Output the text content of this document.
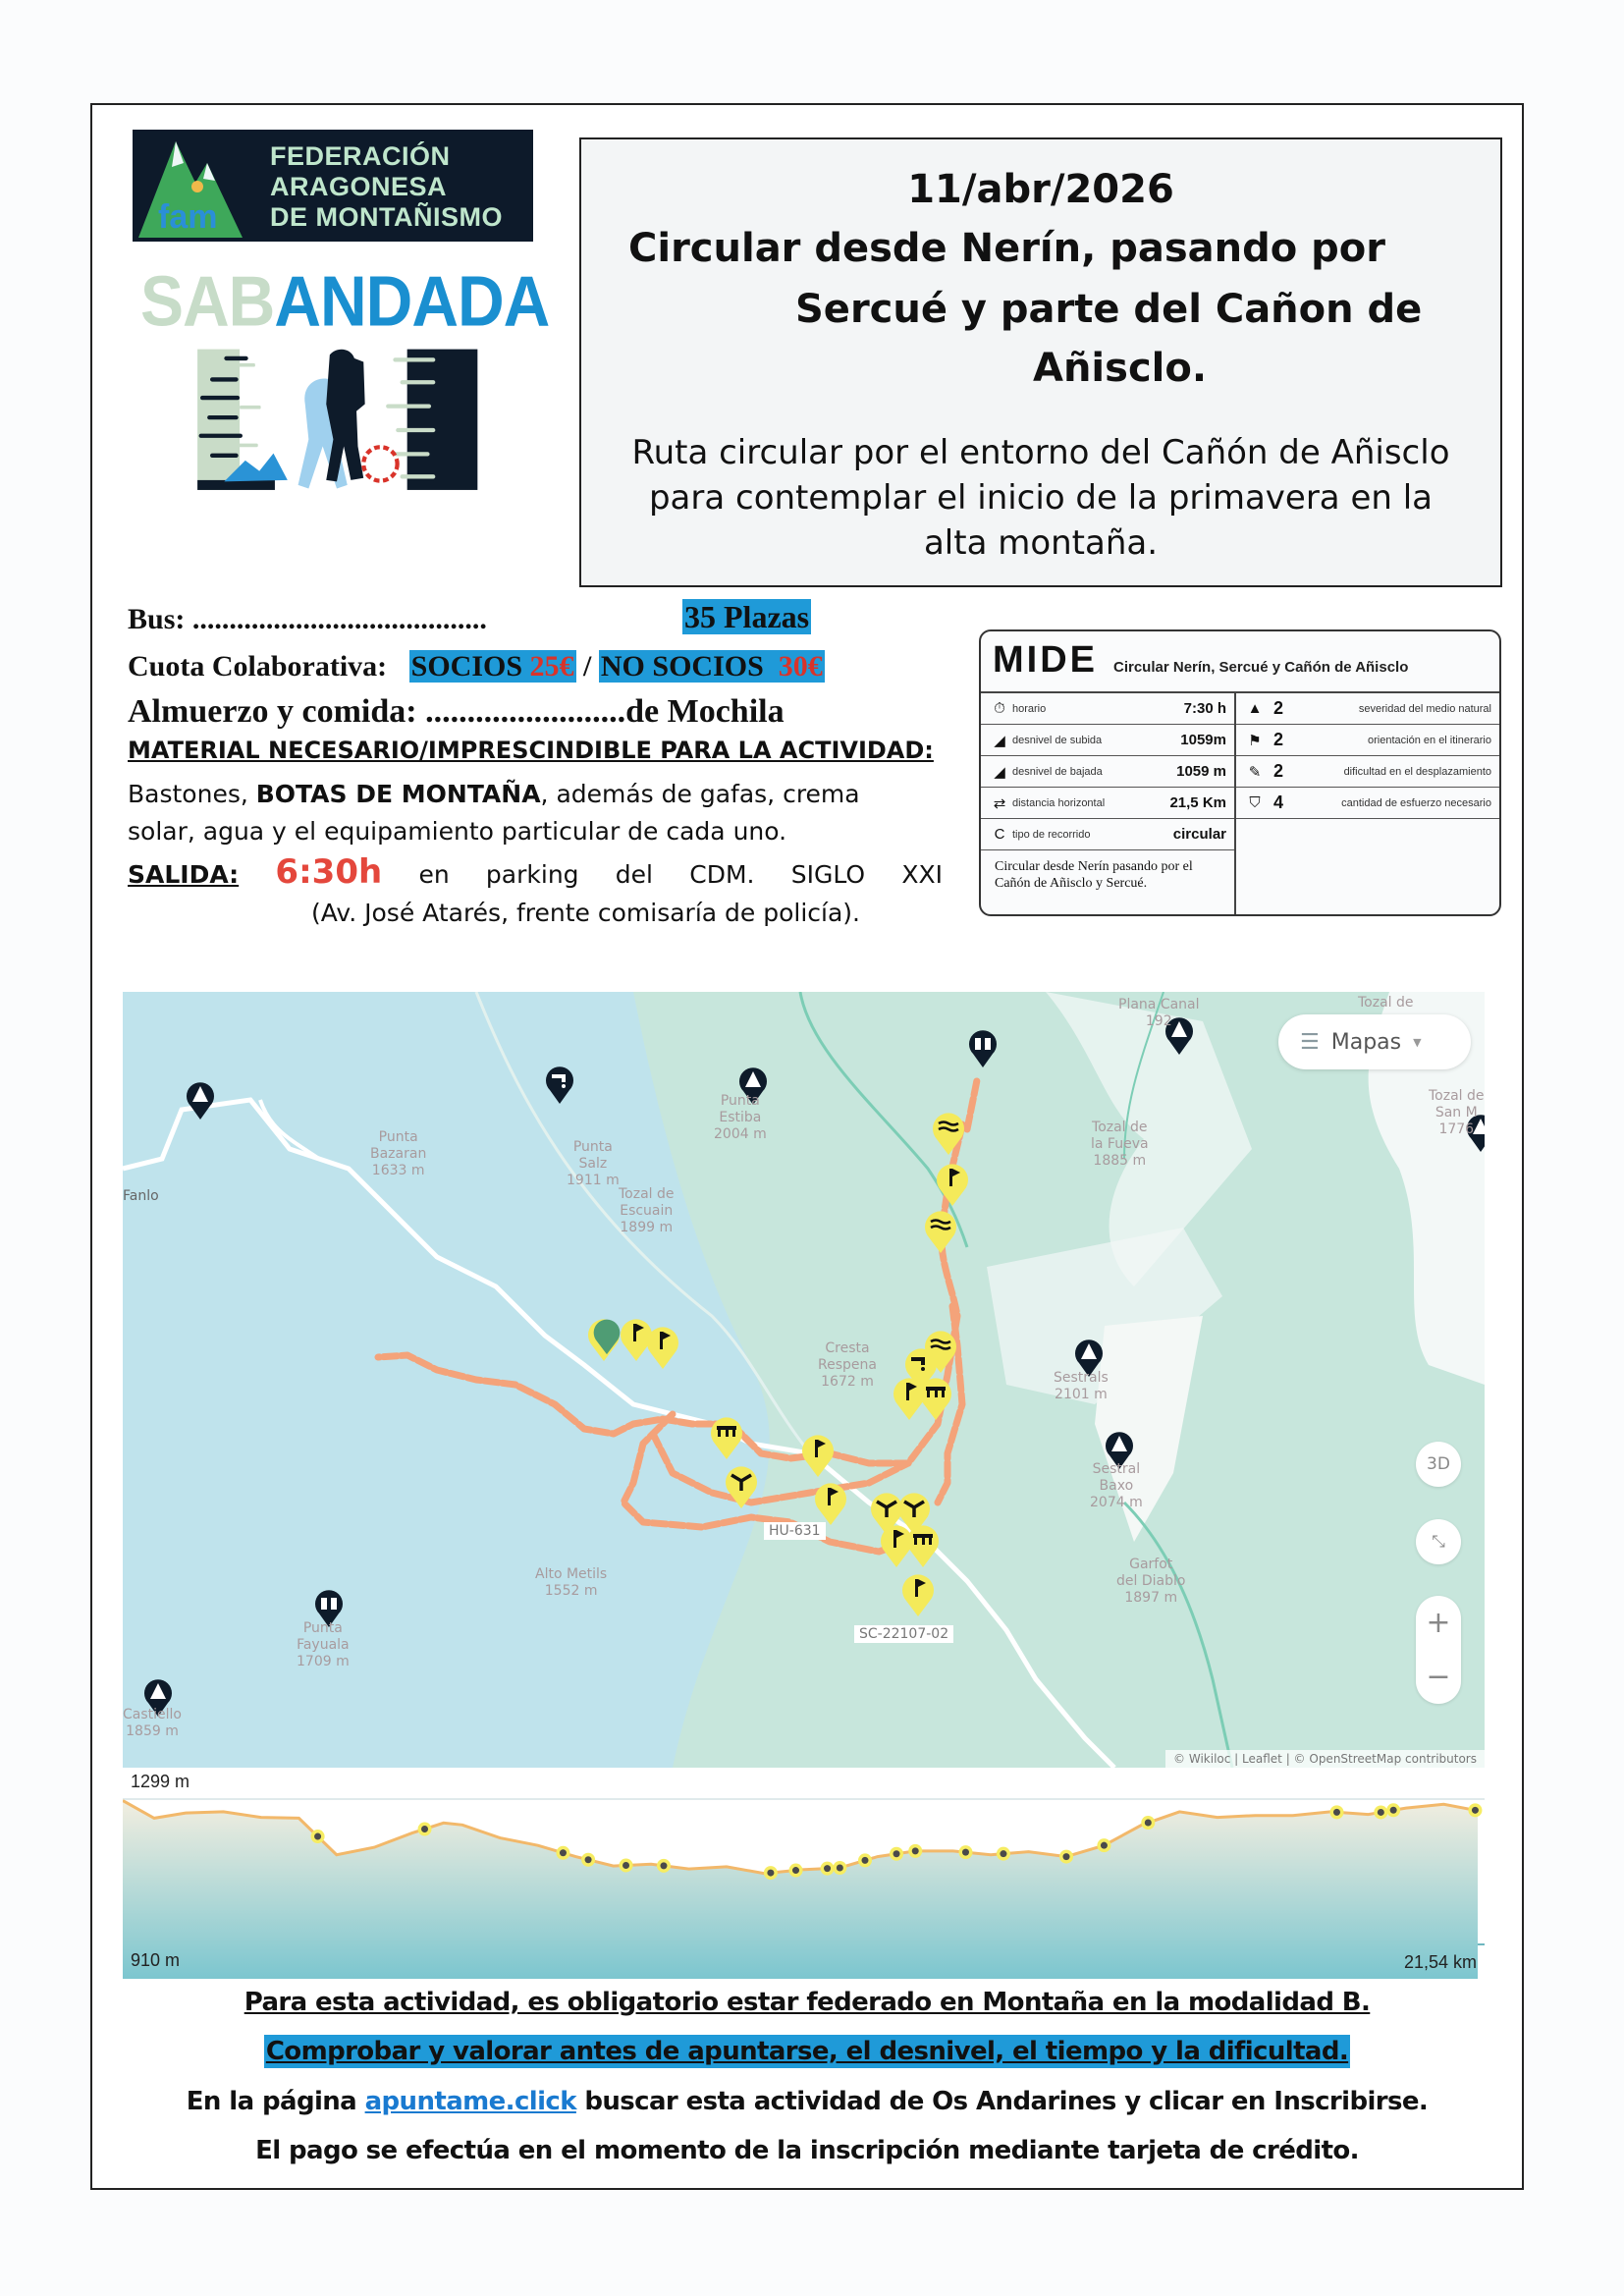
fam
FEDERACIÓN
ARAGONESA
DE MONTAÑISMO
SABANDADA
11/abr/2026
Circular desde Nerín, pasando por
Sercué y parte del Cañon de
Añisclo.
Ruta circular por el entorno del Cañón de Añisclo
para contemplar el inicio de la primavera en la
alta montaña.
Bus: ........................................	35 Plazas
Cuota Colaborativa: SOCIOS 25€ / NO SOCIOS 30€
Almuerzo y comida: ........................de Mochila
MATERIAL NECESARIO/IMPRESCINDIBLE PARA LA ACTIVIDAD:
Bastones, BOTAS DE MONTAÑA, además de gafas, crema solar, agua y el equipamiento particular de cada uno.
SALIDA: 6:30h en parking del CDM. SIGLO XXI
(Av. José Atarés, frente comisaría de policía).
MIDE Circular Nerín, Sercué y Cañón de Añisclo
⏱ horario	7:30 h
◢ desnivel de subida	1059m
◢ desnivel de bajada	1059 m
⇄ distancia horizontal	21,5 Km
C tipo de recorrido	circular
Circular desde Nerín pasando por el Cañón de Añisclo y Sercué.
▲ 2	severidad del medio natural
⚑ 2	orientación en el itinerario
✎ 2	dificultad en el desplazamiento
⛉ 4	cantidad de esfuerzo necesario
Fanlo
Punta
Bazaran
1633 m
Punta
Salz
1911 m
Tozal de
Escuain
1899 m
Punta
Estiba
2004 m
Plana Canal
192
Tozal de
la Fueva
1885 m
Tozal de
Tozal de
San M
1776
Cresta
Respena
1672 m	Sestrals
2101 m
Sestral
Baxo
2074 m
Garfot
del Diablo
1897 m
Alto Metils
1552 m
Punta
Fayuala
1709 m
Castiello
1859 m
HU-631
SC-22107-02
☰ Mapas ▼
3D
⤡
+
−
© Wikiloc | Leaflet | © OpenStreetMap contributors
1299 m
910 m	21,54 km
Para esta actividad, es obligatorio estar federado en Montaña en la modalidad B.
Comprobar y valorar antes de apuntarse, el desnivel, el tiempo y la dificultad.
En la página apuntame.click buscar esta actividad de Os Andarines y clicar en Inscribirse.
El pago se efectúa en el momento de la inscripción mediante tarjeta de crédito.
